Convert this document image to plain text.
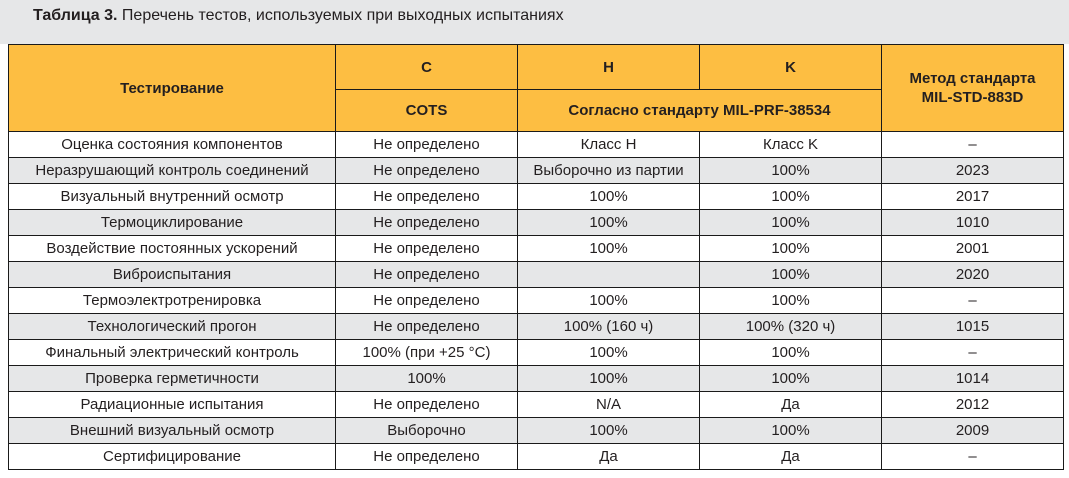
Таблица 3. Перечень тестов, используемых при выходных испытаниях
Тестирование	C	H	K	Метод стандарта
MIL-STD-883D
	COTS	Согласно стандарту MIL-PRF-38534		
Оценка состояния компонентов	Не определено	Класс H	Класс K	–
Неразрушающий контроль соединений	Не определено	Выборочно из партии	100%	2023
Визуальный внутренний осмотр	Не определено	100%	100%	2017
Термоциклирование	Не определено	100%	100%	1010
Воздействие постоянных ускорений	Не определено	100%	100%	2001
Виброиспытания	Не определено		100%	2020
Термоэлектротренировка	Не определено	100%	100%	–
Технологический прогон	Не определено	100% (160 ч)	100% (320 ч)	1015
Финальный электрический контроль	100% (при +25 °С)	100%	100%	–
Проверка герметичности	100%	100%	100%	1014
Радиационные испытания	Не определено	N/A	Да	2012
Внешний визуальный осмотр	Выборочно	100%	100%	2009
Сертифицирование	Не определено	Да	Да	–
